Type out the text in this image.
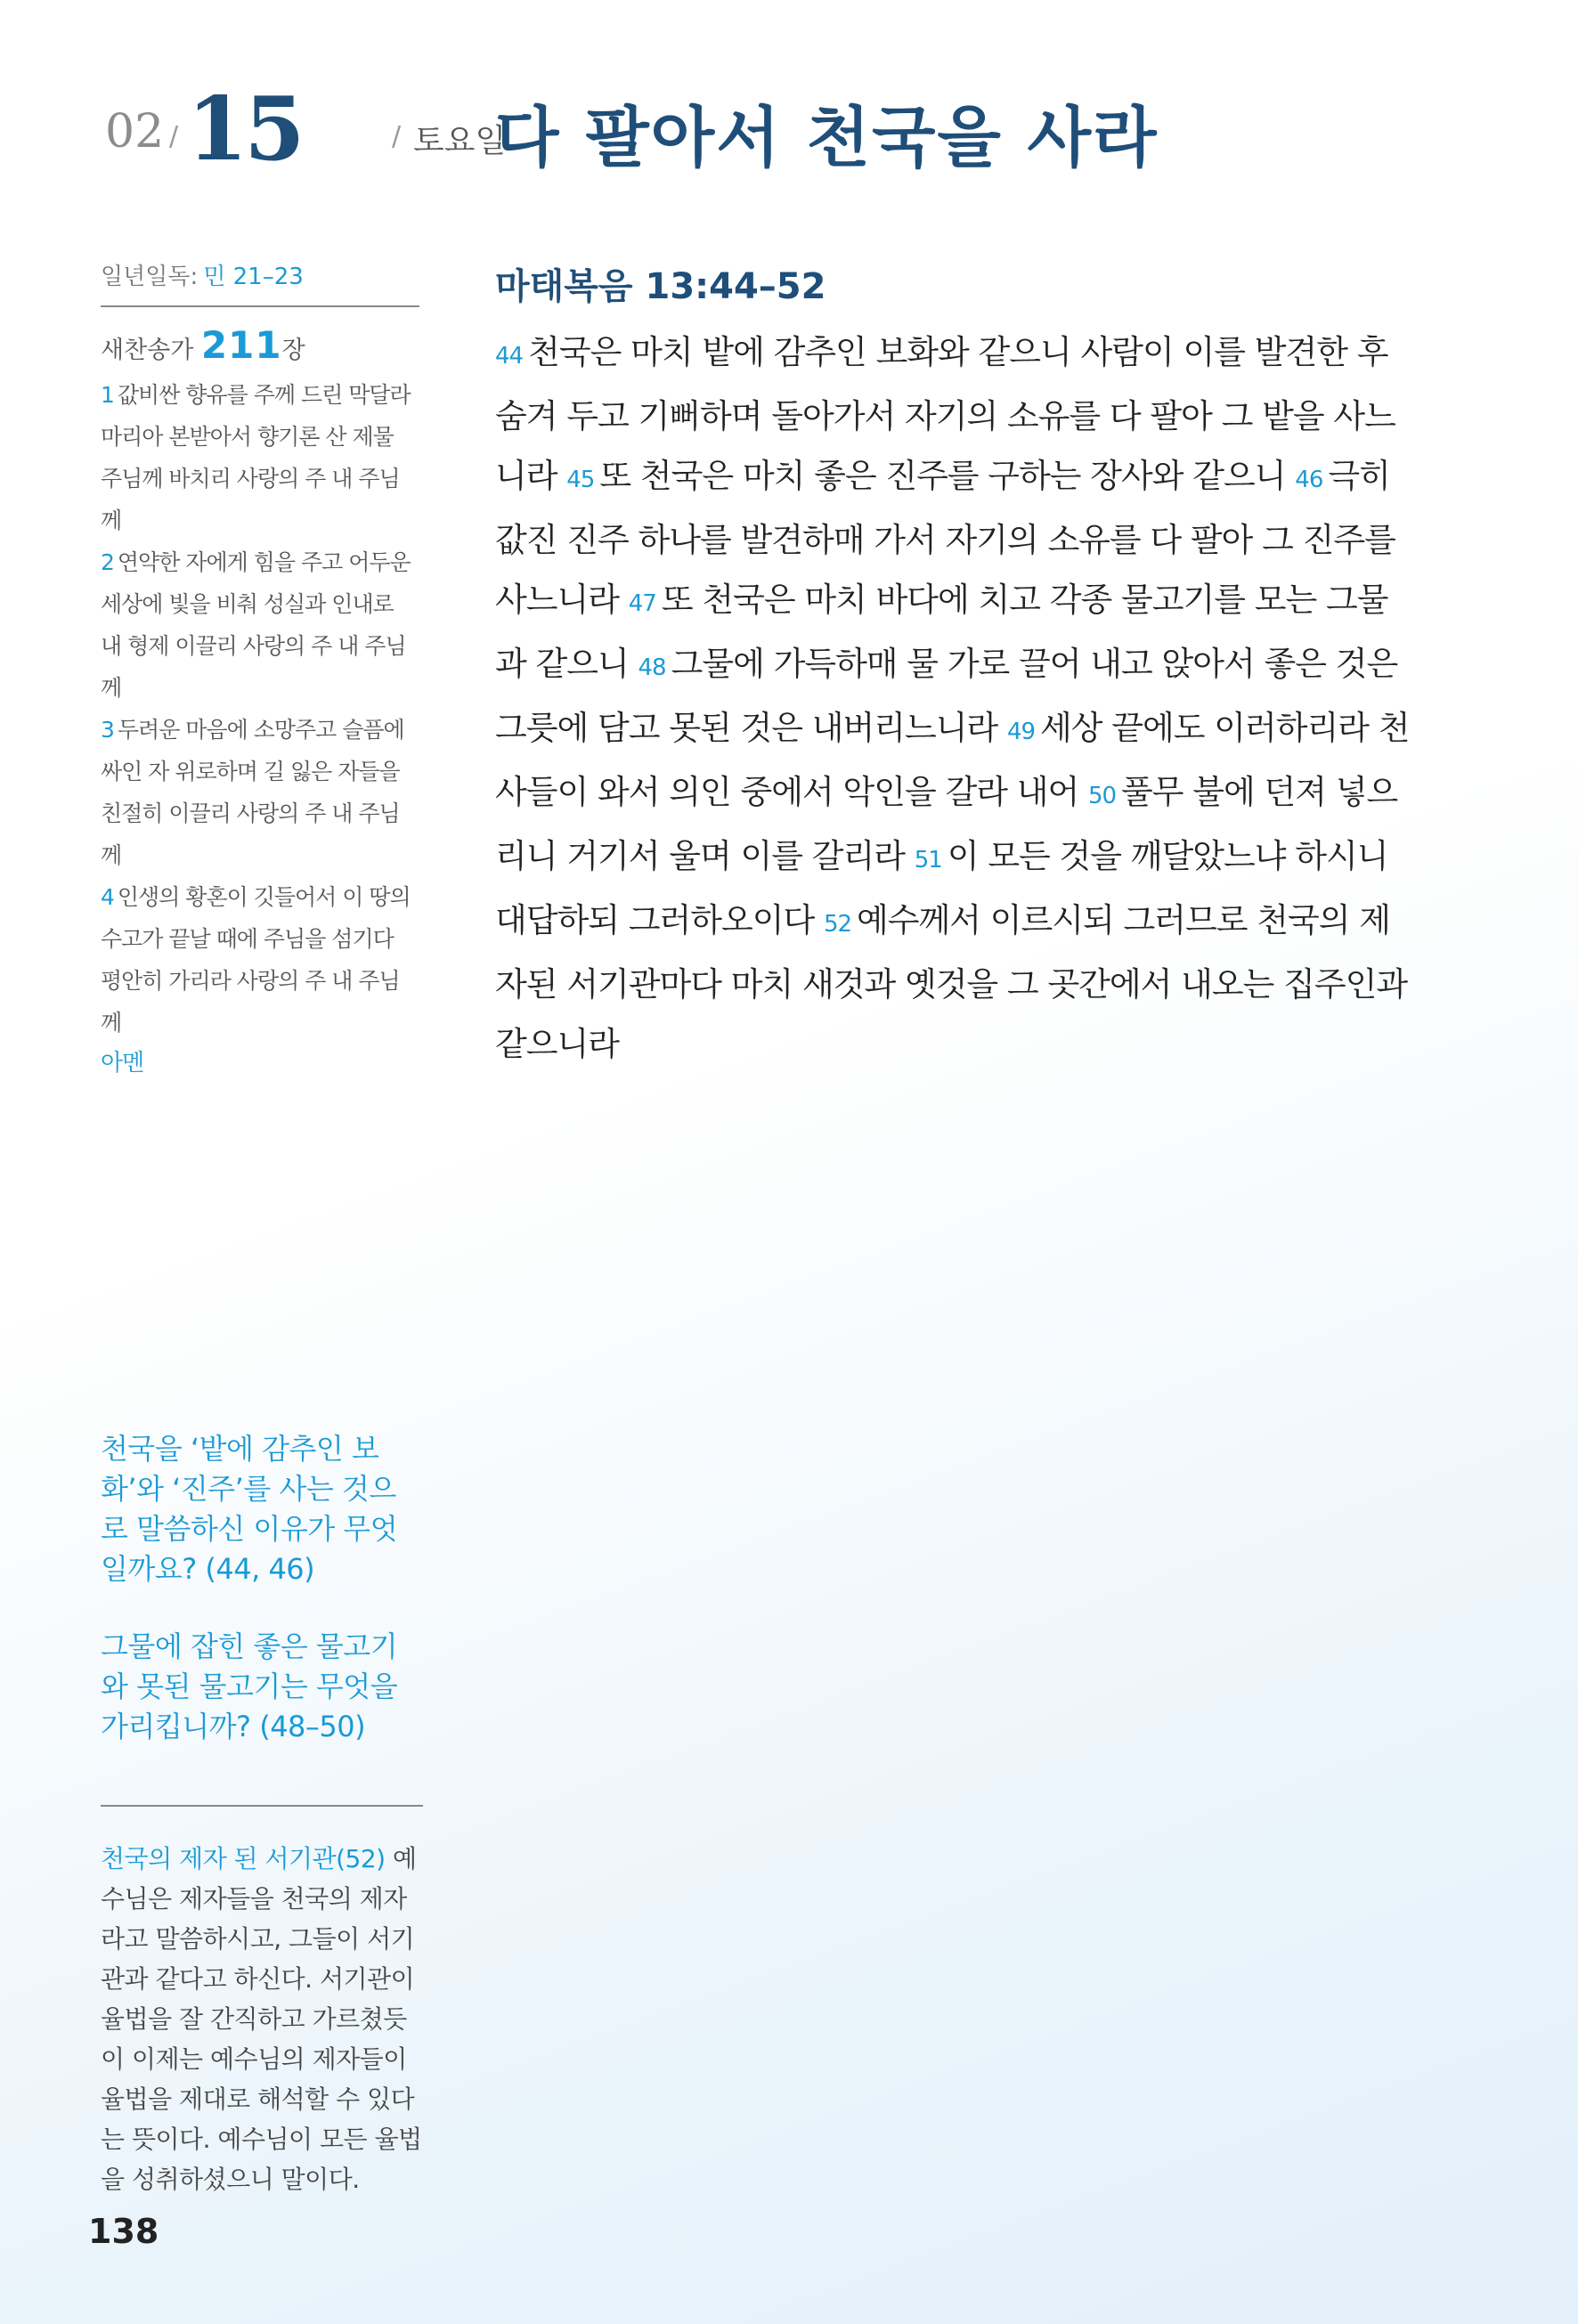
02 / 15	/ 토요일
다 팔아서 천국을 사라
일년일독: 민 21–23
새찬송가 211장
1 값비싼 향유를 주께 드린 막달라 마리아 본받아서 향기론 산 제물 주님께 바치리 사랑의 주 내 주님께
2 연약한 자에게 힘을 주고 어두운 세상에 빛을 비춰 성실과 인내로 내 형제 이끌리 사랑의 주 내 주님께
3 두려운 마음에 소망주고 슬픔에 싸인 자 위로하며 길 잃은 자들을 친절히 이끌리 사랑의 주 내 주님께
4 인생의 황혼이 깃들어서 이 땅의 수고가 끝날 때에 주님을 섬기다 평안히 가리라 사랑의 주 내 주님께
아멘

천국을 ‘밭에 감추인 보화’와 ‘진주’를 사는 것으로 말씀하신 이유가 무엇일까요? (44, 46)

그물에 잡힌 좋은 물고기와 못된 물고기는 무엇을 가리킵니까? (48–50)

천국의 제자 된 서기관(52) 예수님은 제자들을 천국의 제자라고 말씀하시고, 그들이 서기관과 같다고 하신다. 서기관이 율법을 잘 간직하고 가르쳤듯이 이제는 예수님의 제자들이 율법을 제대로 해석할 수 있다는 뜻이다. 예수님이 모든 율법을 성취하셨으니 말이다.

138
마태복음 13:44–52
44 천국은 마치 밭에 감추인 보화와 같으니 사람이 이를 발견한 후 숨겨 두고 기뻐하며 돌아가서 자기의 소유를 다 팔아 그 밭을 사느니라 45 또 천국은 마치 좋은 진주를 구하는 장사와 같으니 46 극히 값진 진주 하나를 발견하매 가서 자기의 소유를 다 팔아 그 진주를 사느니라 47 또 천국은 마치 바다에 치고 각종 물고기를 모는 그물과 같으니 48 그물에 가득하매 물 가로 끌어 내고 앉아서 좋은 것은 그릇에 담고 못된 것은 내버리느니라 49 세상 끝에도 이러하리라 천사들이 와서 의인 중에서 악인을 갈라 내어 50 풀무 불에 던져 넣으리니 거기서 울며 이를 갈리라 51 이 모든 것을 깨달았느냐 하시니 대답하되 그러하오이다 52 예수께서 이르시되 그러므로 천국의 제자된 서기관마다 마치 새것과 옛것을 그 곳간에서 내오는 집주인과 같으니라
